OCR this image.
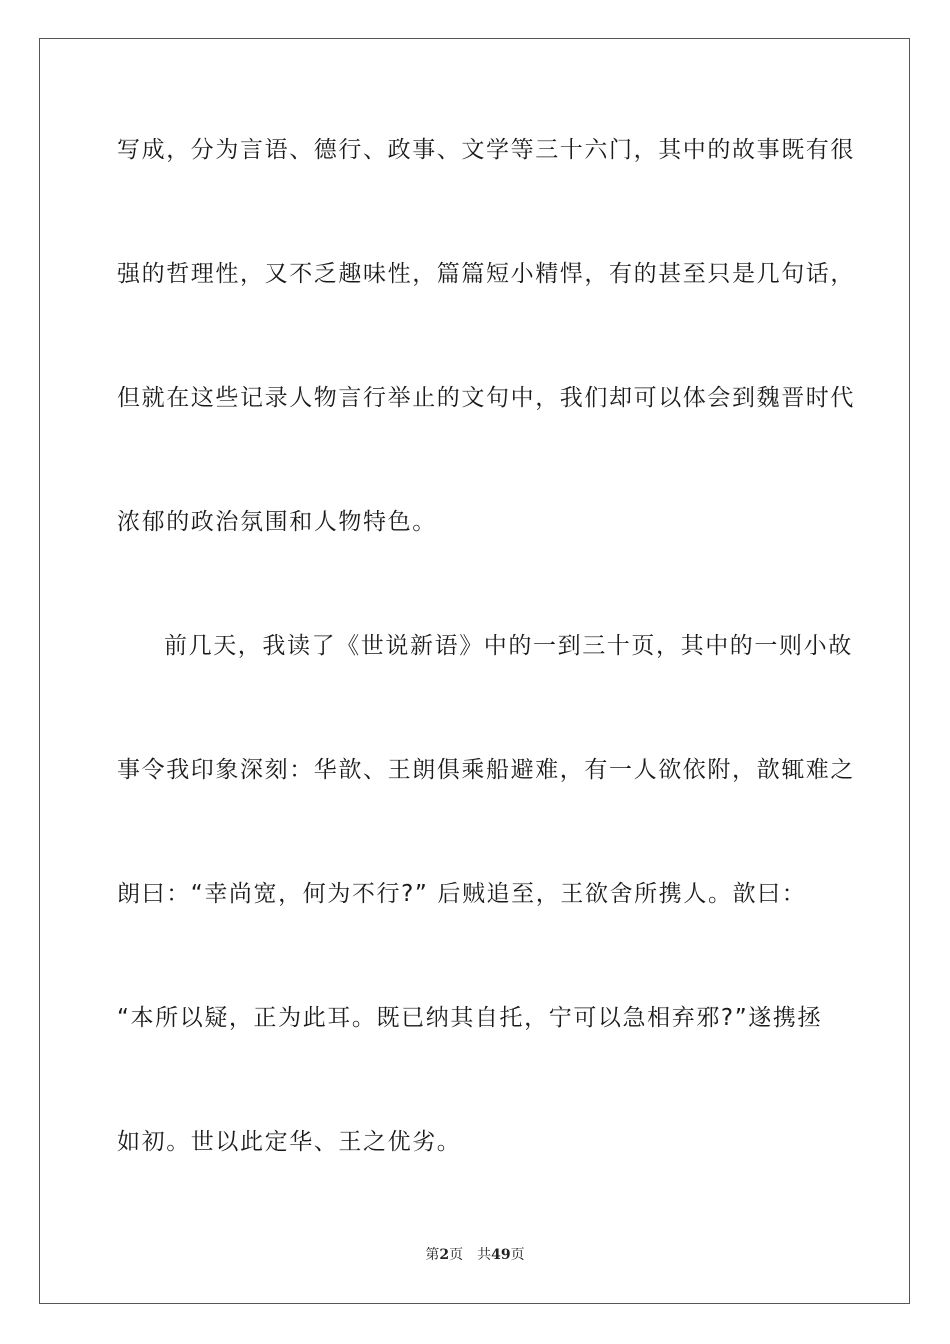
写成，分为言语、德行、政事、文学等三十六门，其中的故事既有很
强的哲理性，又不乏趣味性，篇篇短小精悍，有的甚至只是几句话，
但就在这些记录人物言行举止的文句中，我们却可以体会到魏晋时代
浓郁的政治氛围和人物特色。
前几天，我读了《世说新语》中的一到三十页，其中的一则小故
事令我印象深刻：华歆、王朗俱乘船避难，有一人欲依附，歆辄难之
朗曰：“幸尚宽，何为不行?” 后贼追至，王欲舍所携人。歆曰：
“本所以疑，正为此耳。既已纳其自托，宁可以急相弃邪?”遂携拯
如初。世以此定华、王之优劣。
第2页 共49页
